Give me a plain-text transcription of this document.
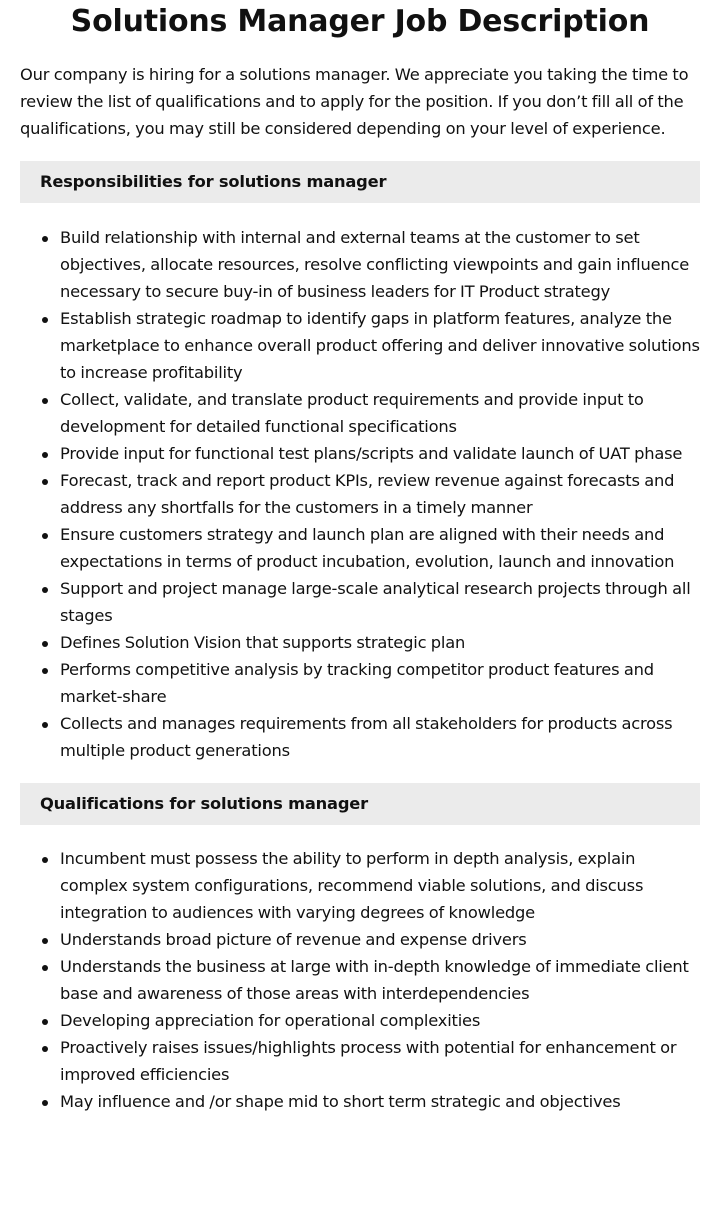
Solutions Manager Job Description

Our company is hiring for a solutions manager. We appreciate you taking the time to review the list of qualifications and to apply for the position. If you don’t fill all of the qualifications, you may still be considered depending on your level of experience.

Responsibilities for solutions manager
Build relationship with internal and external teams at the customer to set objectives, allocate resources, resolve conflicting viewpoints and gain influence necessary to secure buy-in of business leaders for IT Product strategy
Establish strategic roadmap to identify gaps in platform features, analyze the marketplace to enhance overall product offering and deliver innovative solutions to increase profitability
Collect, validate, and translate product requirements and provide input to development for detailed functional specifications
Provide input for functional test plans/scripts and validate launch of UAT phase
Forecast, track and report product KPIs, review revenue against forecasts and address any shortfalls for the customers in a timely manner
Ensure customers strategy and launch plan are aligned with their needs and expectations in terms of product incubation, evolution, launch and innovation
Support and project manage large-scale analytical research projects through all stages
Defines Solution Vision that supports strategic plan
Performs competitive analysis by tracking competitor product features and market-share
Collects and manages requirements from all stakeholders for products across multiple product generations
Qualifications for solutions manager
Incumbent must possess the ability to perform in depth analysis, explain complex system configurations, recommend viable solutions, and discuss integration to audiences with varying degrees of knowledge
Understands broad picture of revenue and expense drivers
Understands the business at large with in-depth knowledge of immediate client base and awareness of those areas with interdependencies
Developing appreciation for operational complexities
Proactively raises issues/highlights process with potential for enhancement or improved efficiencies
May influence and /or shape mid to short term strategic and objectives
